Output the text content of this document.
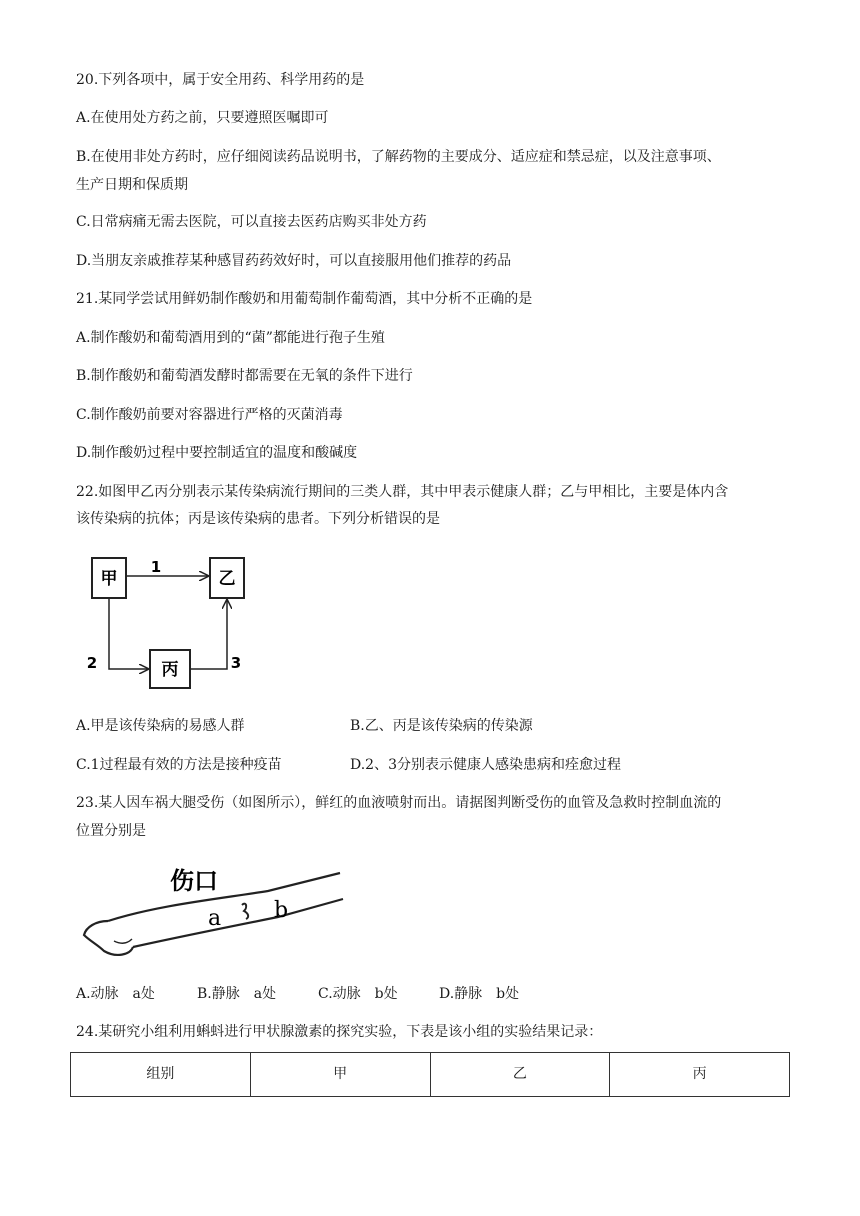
20.下列各项中，属于安全用药、科学用药的是
A.在使用处方药之前，只要遵照医嘱即可
B.在使用非处方药时，应仔细阅读药品说明书，了解药物的主要成分、适应症和禁忌症，以及注意事项、
生产日期和保质期
C.日常病痛无需去医院，可以直接去医药店购买非处方药
D.当朋友亲戚推荐某种感冒药药效好时，可以直接服用他们推荐的药品
21.某同学尝试用鲜奶制作酸奶和用葡萄制作葡萄酒，其中分析不正确的是
A.制作酸奶和葡萄酒用到的“菌”都能进行孢子生殖
B.制作酸奶和葡萄酒发酵时都需要在无氧的条件下进行
C.制作酸奶前要对容器进行严格的灭菌消毒
D.制作酸奶过程中要控制适宜的温度和酸碱度
22.如图甲乙丙分别表示某传染病流行期间的三类人群，其中甲表示健康人群；乙与甲相比，主要是体内含
该传染病的抗体；丙是该传染病的患者。下列分析错误的是
甲	乙
丙
1
2	3
A.甲是该传染病的易感人群	B.乙、丙是该传染病的传染源
C.1过程最有效的方法是接种疫苗	D.2、3分别表示健康人感染患病和痊愈过程
23.某人因车祸大腿受伤（如图所示），鲜红的血液喷射而出。请据图判断受伤的血管及急救时控制血流的
位置分别是
伤口
a b
A.动脉　a处	B.静脉　a处	C.动脉　b处	D.静脉　b处
24.某研究小组利用蝌蚪进行甲状腺激素的探究实验，下表是该小组的实验结果记录：
组别	甲	乙	丙
